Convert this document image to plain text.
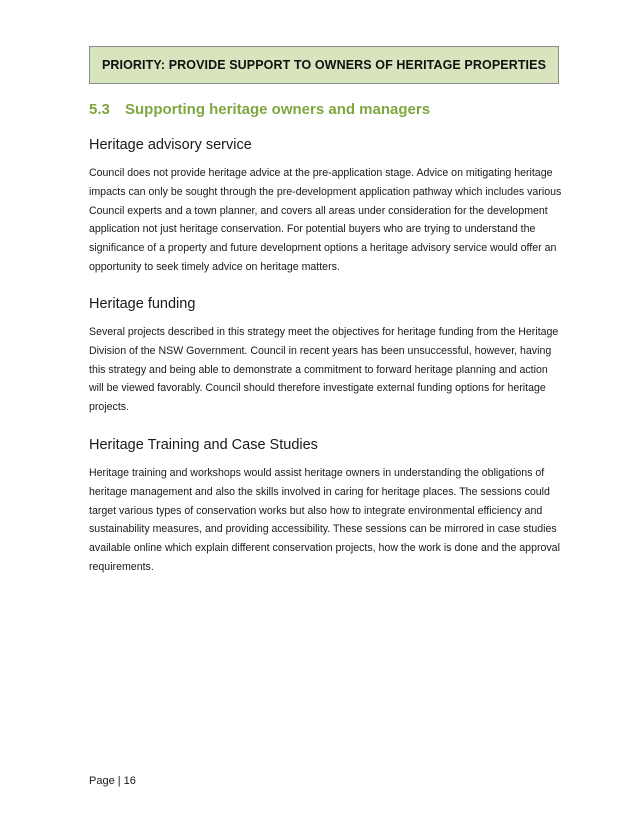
PRIORITY: PROVIDE SUPPORT TO OWNERS OF HERITAGE PROPERTIES
5.3	Supporting heritage owners and managers
Heritage advisory service

Council does not provide heritage advice at the pre-application stage. Advice on mitigating heritage impacts can only be sought through the pre-development application pathway which includes various Council experts and a town planner, and covers all areas under consideration for the development application not just heritage conservation. For potential buyers who are trying to understand the significance of a property and future development options a heritage advisory service would offer an opportunity to seek timely advice on heritage matters.

Heritage funding

Several projects described in this strategy meet the objectives for heritage funding from the Heritage Division of the NSW Government. Council in recent years has been unsuccessful, however, having this strategy and being able to demonstrate a commitment to forward heritage planning and action will be viewed favorably. Council should therefore investigate external funding options for heritage projects.

Heritage Training and Case Studies

Heritage training and workshops would assist heritage owners in understanding the obligations of heritage management and also the skills involved in caring for heritage places. The sessions could target various types of conservation works but also how to integrate environmental efficiency and sustainability measures, and providing accessibility. These sessions can be mirrored in case studies available online which explain different conservation projects, how the work is done and the approval requirements.

Page | 16
